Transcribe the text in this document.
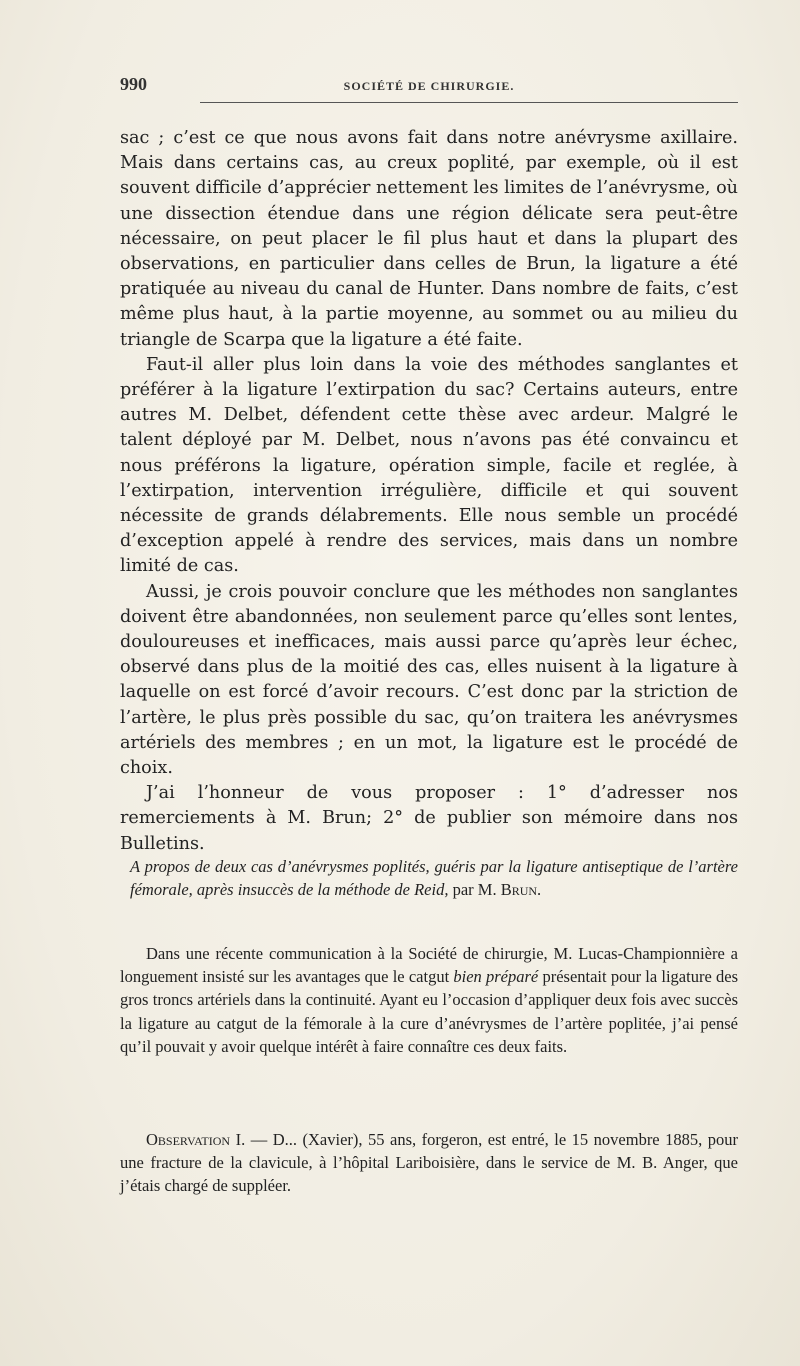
990	SOCIÉTÉ DE CHIRURGIE.

sac ; c’est ce que nous avons fait dans notre anévrysme axillaire. Mais dans certains cas, au creux poplité, par exemple, où il est souvent difficile d’apprécier nettement les limites de l’anévrysme, où une dissection étendue dans une région délicate sera peut-être nécessaire, on peut placer le fil plus haut et dans la plupart des observations, en particulier dans celles de Brun, la ligature a été pratiquée au niveau du canal de Hunter. Dans nombre de faits, c’est même plus haut, à la partie moyenne, au sommet ou au milieu du triangle de Scarpa que la ligature a été faite.

Faut-il aller plus loin dans la voie des méthodes sanglantes et préférer à la ligature l’extirpation du sac? Certains auteurs, entre autres M. Delbet, défendent cette thèse avec ardeur. Malgré le talent déployé par M. Delbet, nous n’avons pas été convaincu et nous préférons la ligature, opération simple, facile et reglée, à l’extirpation, intervention irrégulière, difficile et qui souvent nécessite de grands délabrements. Elle nous semble un procédé d’exception appelé à rendre des services, mais dans un nombre limité de cas.

Aussi, je crois pouvoir conclure que les méthodes non sanglantes doivent être abandonnées, non seulement parce qu’elles sont lentes, douloureuses et inefficaces, mais aussi parce qu’après leur échec, observé dans plus de la moitié des cas, elles nuisent à la ligature à laquelle on est forcé d’avoir recours. C’est donc par la striction de l’artère, le plus près possible du sac, qu’on traitera les anévrysmes artériels des membres ; en un mot, la ligature est le procédé de choix.

J’ai l’honneur de vous proposer : 1° d’adresser nos remerciements à M. Brun; 2° de publier son mémoire dans nos Bulletins.

A propos de deux cas d’anévrysmes poplités, guéris par la ligature antiseptique de l’artère fémorale, après insuccès de la méthode de Reid, par M. Brun.

Dans une récente communication à la Société de chirurgie, M. Lucas-Championnière a longuement insisté sur les avantages que le catgut bien préparé présentait pour la ligature des gros troncs artériels dans la continuité. Ayant eu l’occasion d’appliquer deux fois avec succès la ligature au catgut de la fémorale à la cure d’anévrysmes de l’artère poplitée, j’ai pensé qu’il pouvait y avoir quelque intérêt à faire connaître ces deux faits.

Observation I. — D... (Xavier), 55 ans, forgeron, est entré, le 15 novembre 1885, pour une fracture de la clavicule, à l’hôpital Lariboisière, dans le service de M. B. Anger, que j’étais chargé de suppléer.
